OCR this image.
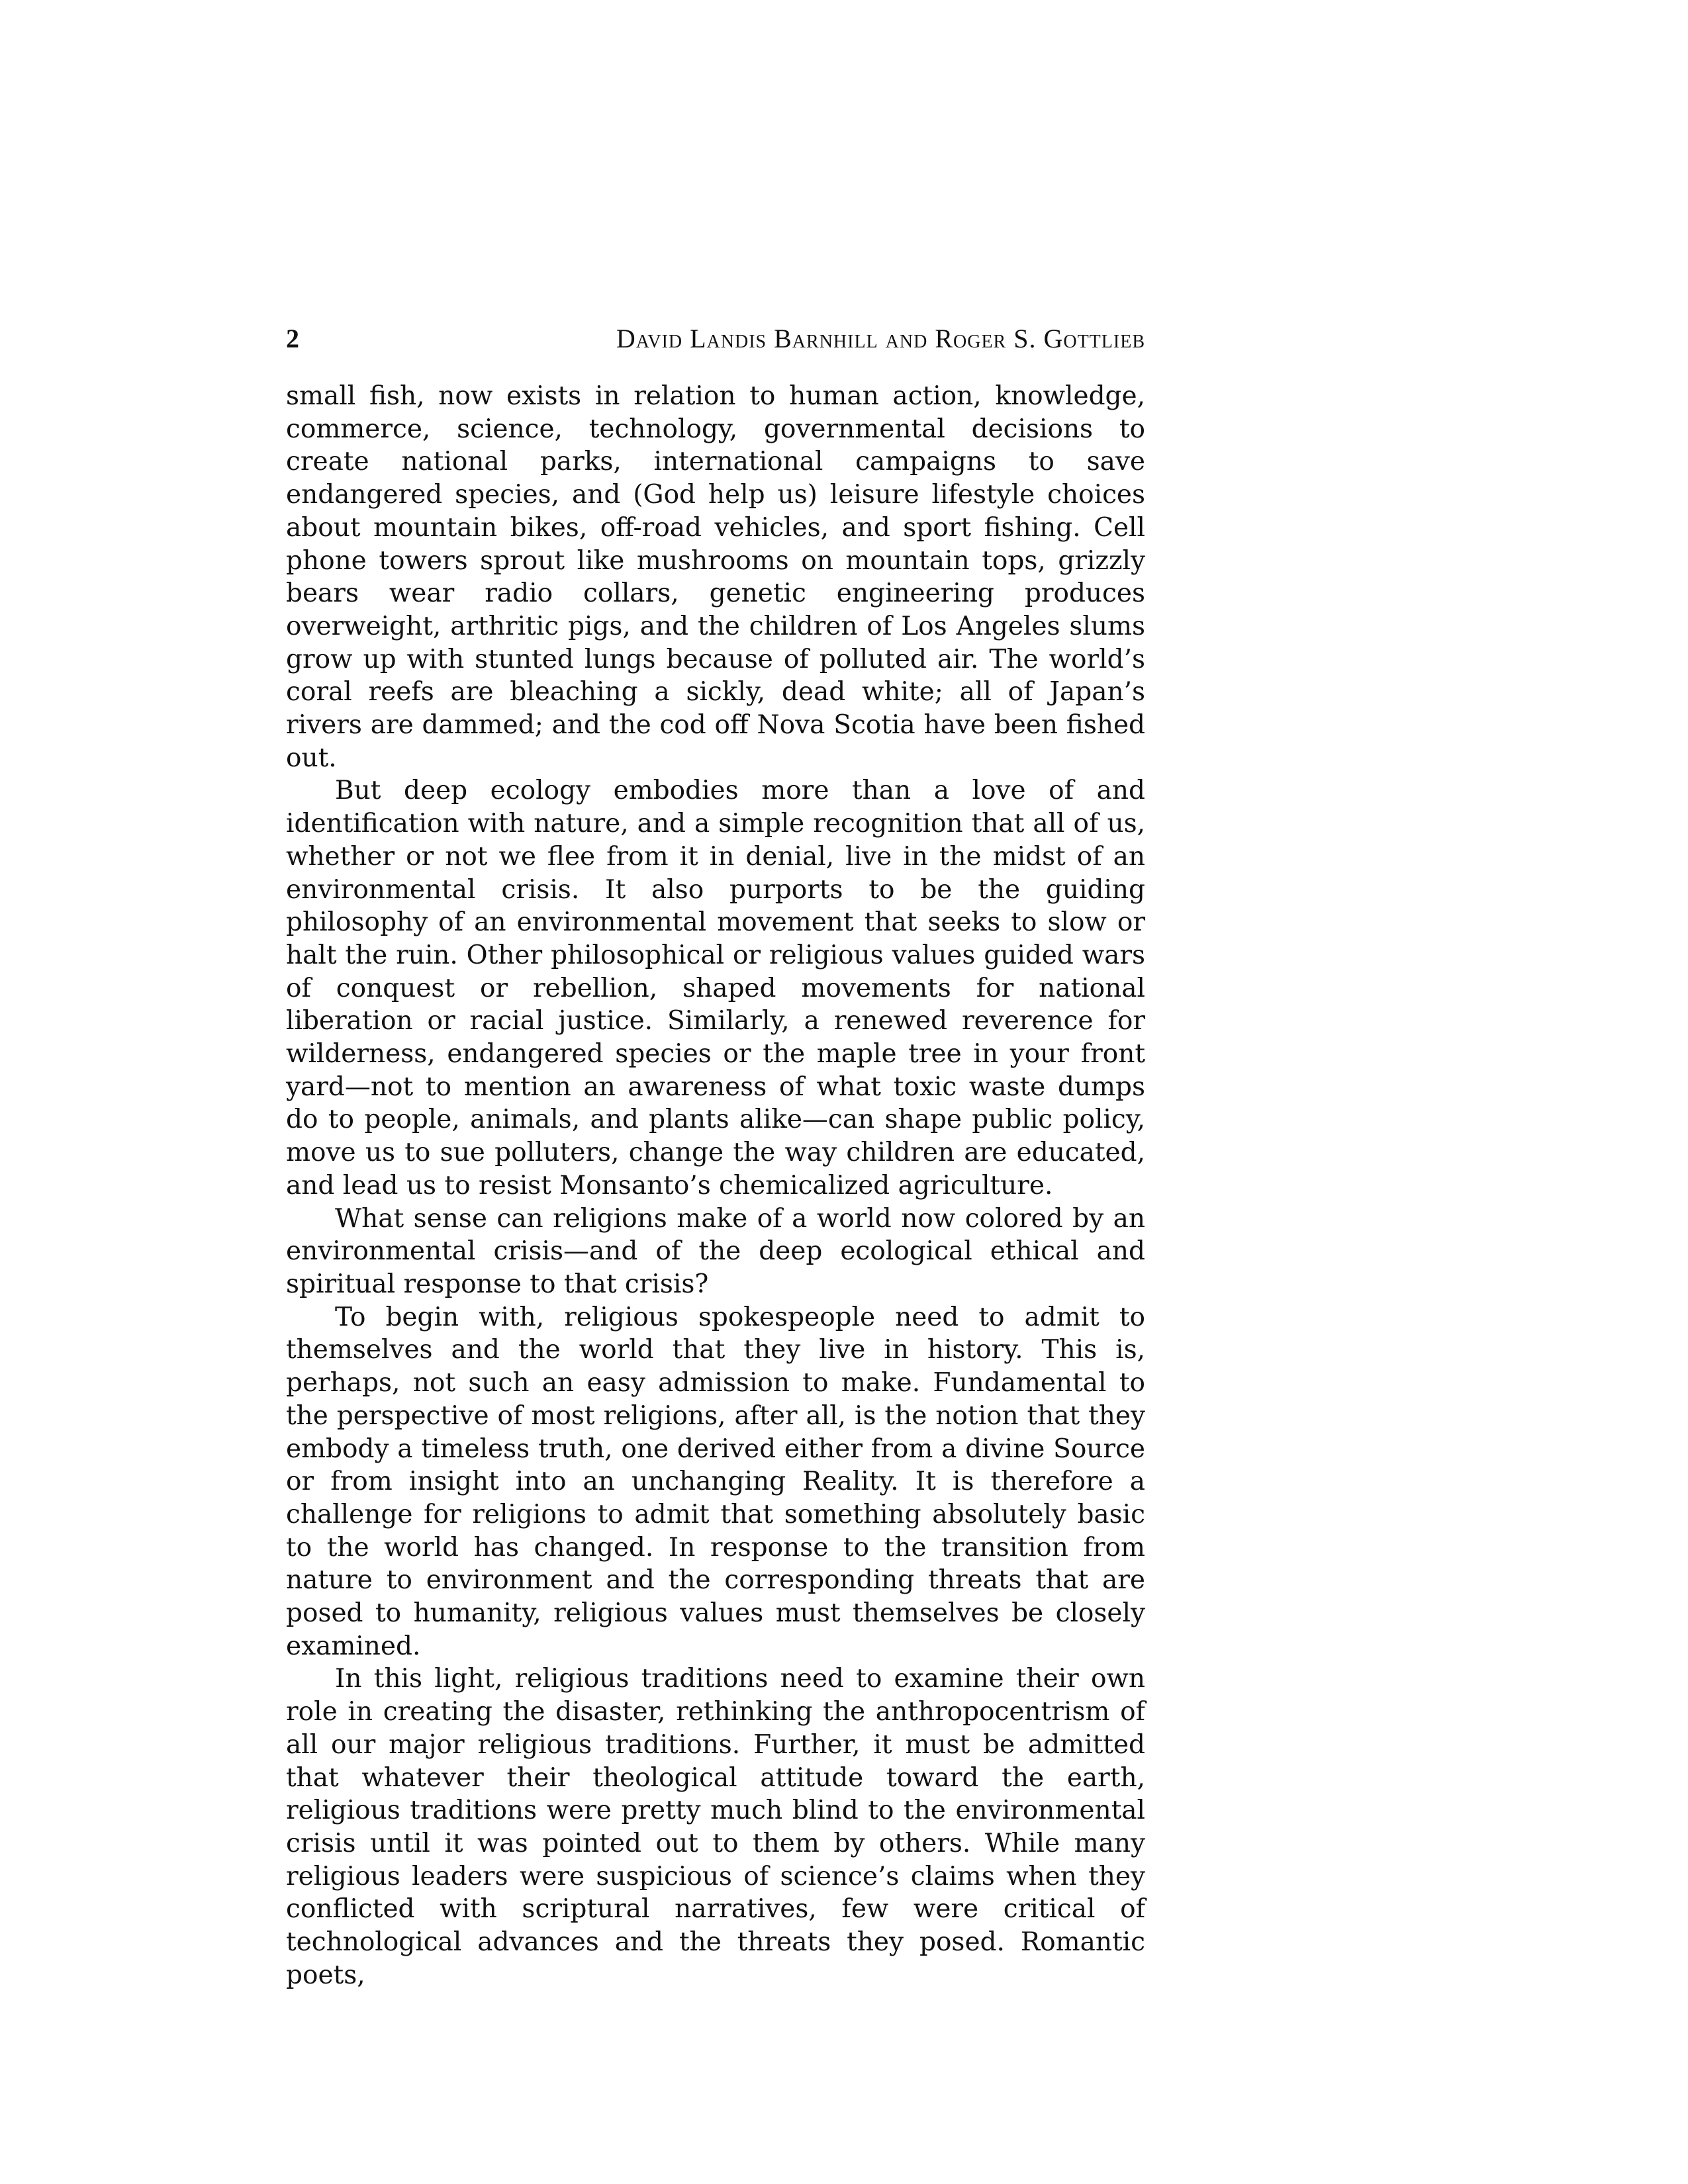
2	David Landis Barnhill and Roger S. Gottlieb

small fish, now exists in relation to human action, knowledge, commerce, science, technology, governmental decisions to create national parks, international campaigns to save endangered species, and (God help us) leisure lifestyle choices about mountain bikes, off-road vehicles, and sport fishing. Cell phone towers sprout like mushrooms on mountain tops, grizzly bears wear radio collars, genetic engineering produces overweight, arthritic pigs, and the children of Los Angeles slums grow up with stunted lungs because of polluted air. The world’s coral reefs are bleaching a sickly, dead white; all of Japan’s rivers are dammed; and the cod off Nova Scotia have been fished out.

But deep ecology embodies more than a love of and identification with nature, and a simple recognition that all of us, whether or not we flee from it in denial, live in the midst of an environmental crisis. It also purports to be the guiding philosophy of an environmental movement that seeks to slow or halt the ruin. Other philosophical or religious values guided wars of conquest or rebellion, shaped movements for national liberation or racial justice. Similarly, a renewed reverence for wilderness, endangered species or the maple tree in your front yard—not to mention an awareness of what toxic waste dumps do to people, animals, and plants alike—can shape public policy, move us to sue polluters, change the way children are educated, and lead us to resist Monsanto’s chemicalized agriculture.

What sense can religions make of a world now colored by an environmental crisis—and of the deep ecological ethical and spiritual response to that crisis?

To begin with, religious spokespeople need to admit to themselves and the world that they live in history. This is, perhaps, not such an easy admission to make. Fundamental to the perspective of most religions, after all, is the notion that they embody a timeless truth, one derived either from a divine Source or from insight into an unchanging Reality. It is therefore a challenge for religions to admit that something absolutely basic to the world has changed. In response to the transition from nature to environment and the corresponding threats that are posed to humanity, religious values must themselves be closely examined.

In this light, religious traditions need to examine their own role in creating the disaster, rethinking the anthropocentrism of all our major religious traditions. Further, it must be admitted that whatever their theological attitude toward the earth, religious traditions were pretty much blind to the environmental crisis until it was pointed out to them by others. While many religious leaders were suspicious of science’s claims when they conflicted with scriptural narratives, few were critical of technological advances and the threats they posed. Romantic poets,
